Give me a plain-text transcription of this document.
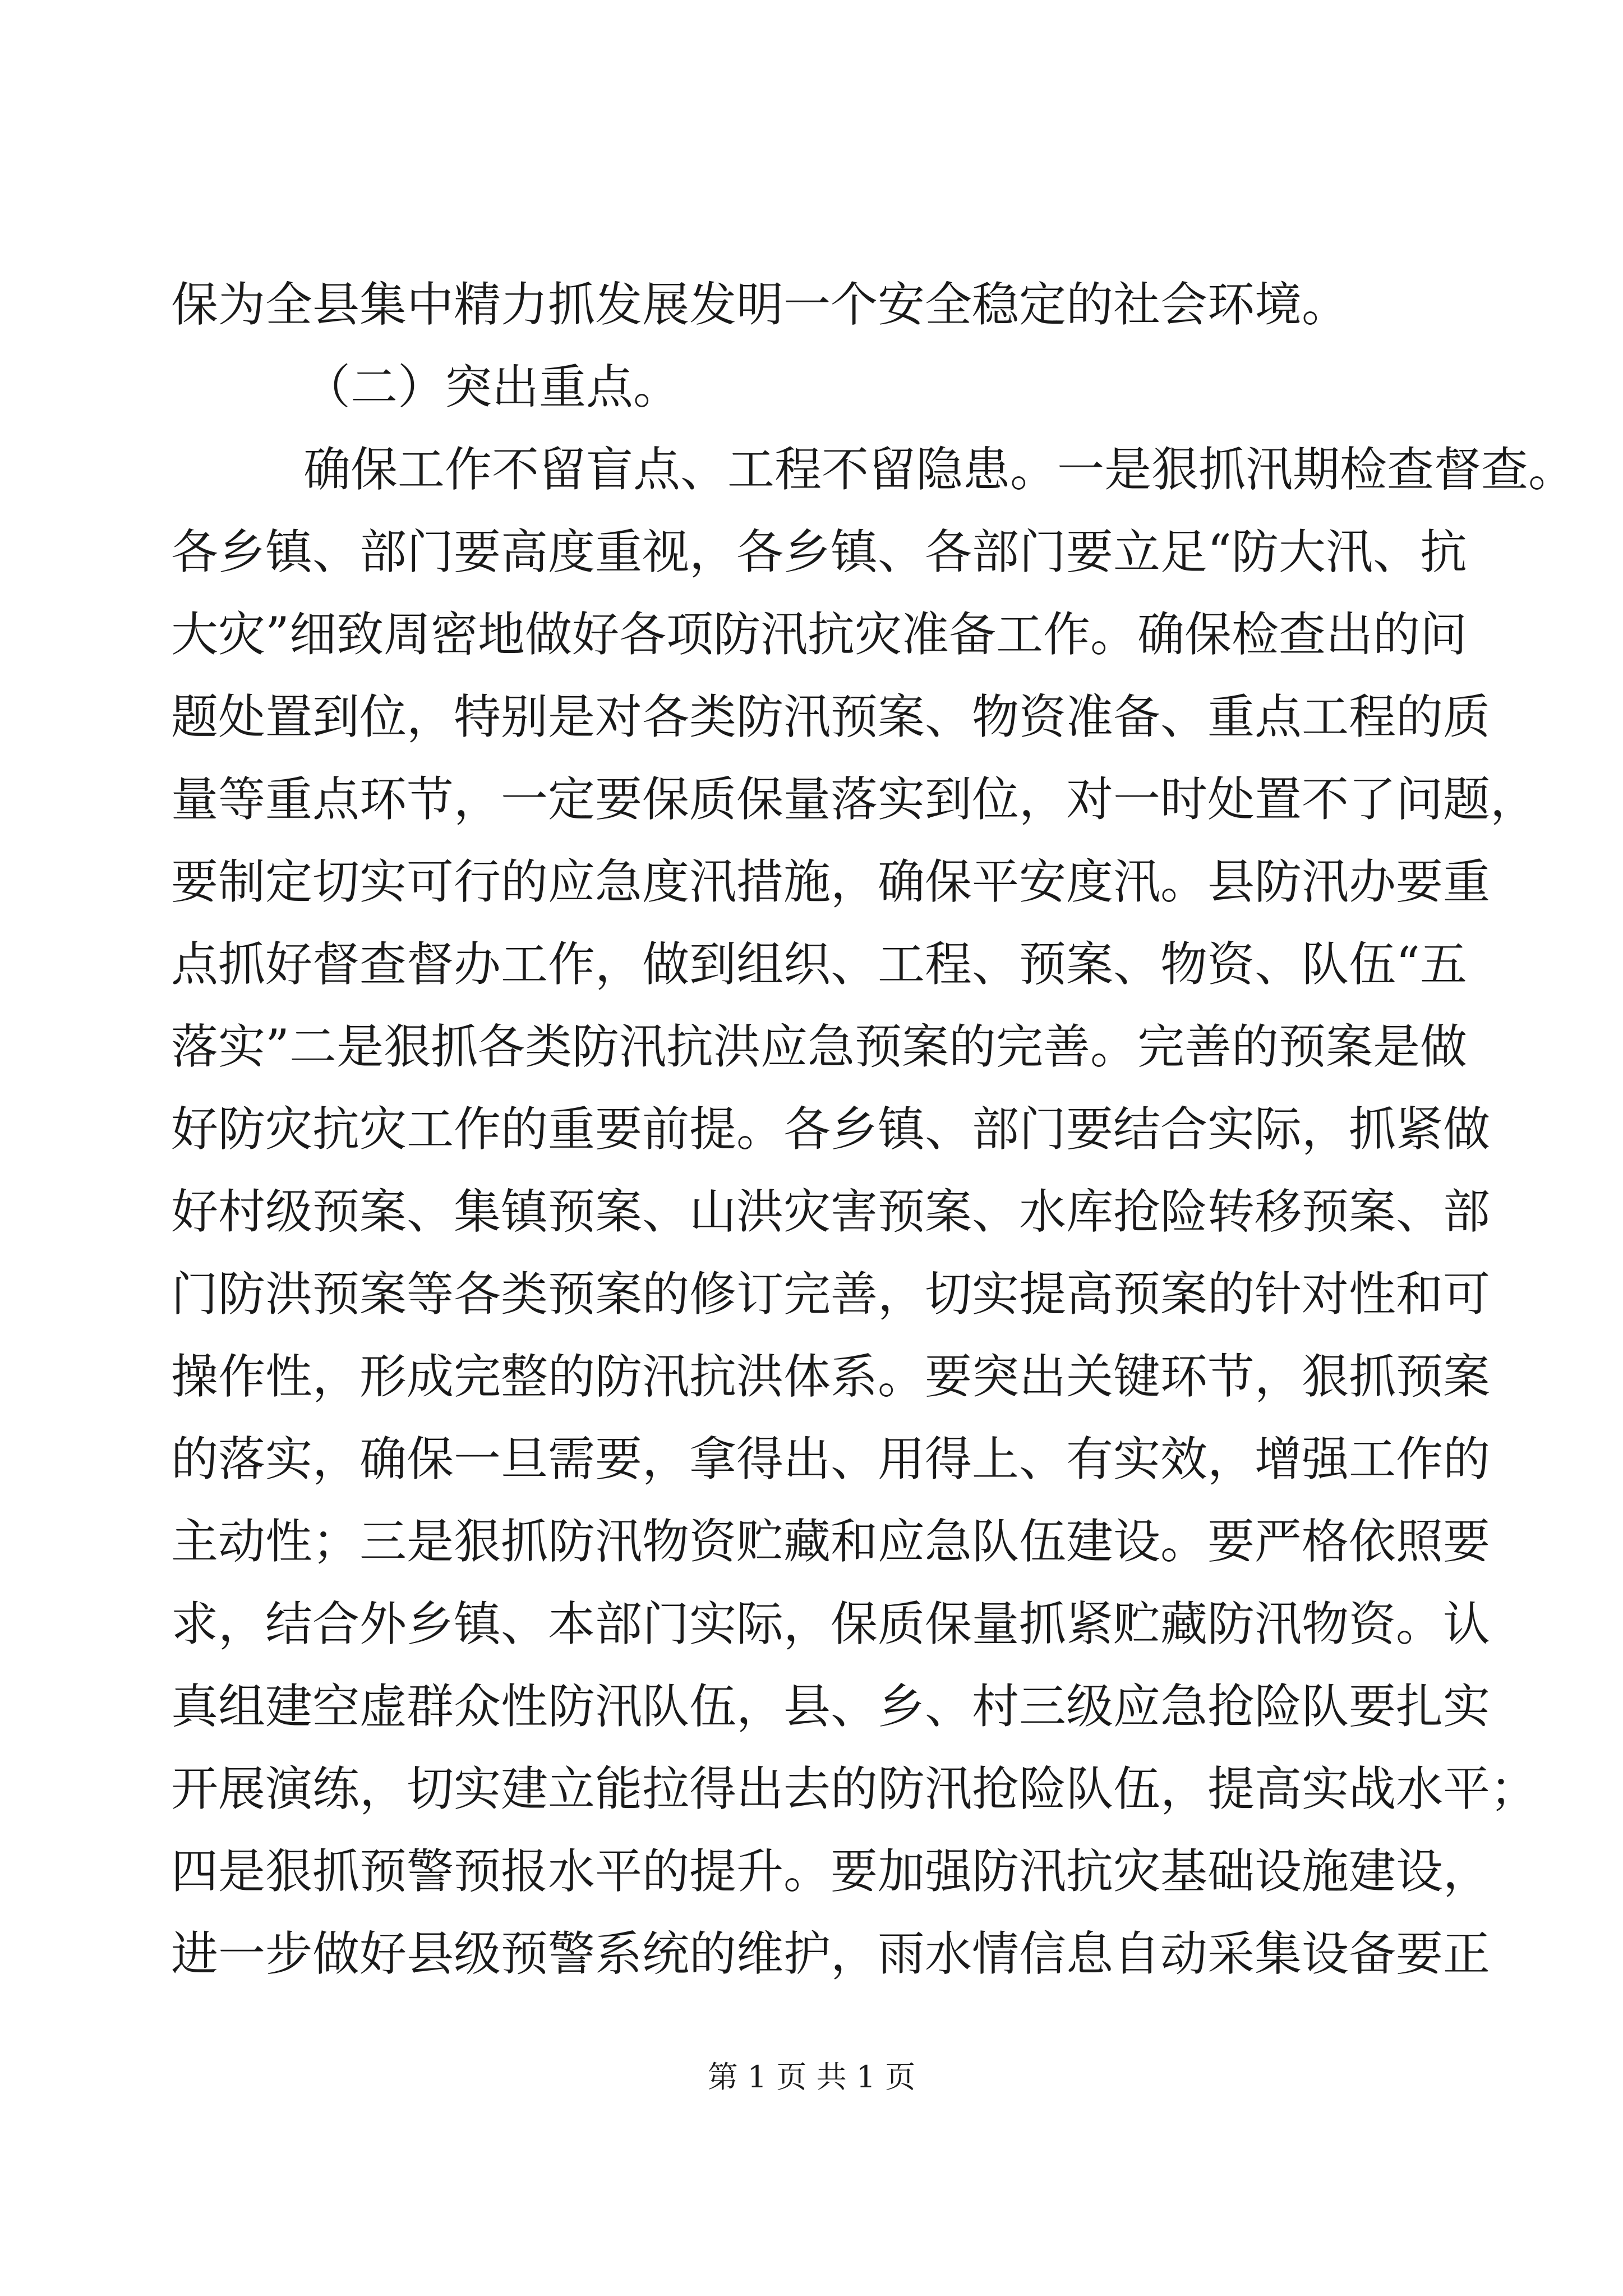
保为全县集中精力抓发展发明一个安全稳定的社会环境。
（二）突出重点。
确保工作不留盲点、工程不留隐患。一是狠抓汛期检查督查。
各乡镇、部门要高度重视，各乡镇、各部门要立足“防大汛、抗
大灾”细致周密地做好各项防汛抗灾准备工作。确保检查出的问
题处置到位，特别是对各类防汛预案、物资准备、重点工程的质
量等重点环节，一定要保质保量落实到位，对一时处置不了问题，
要制定切实可行的应急度汛措施，确保平安度汛。县防汛办要重
点抓好督查督办工作，做到组织、工程、预案、物资、队伍“五
落实”二是狠抓各类防汛抗洪应急预案的完善。完善的预案是做
好防灾抗灾工作的重要前提。各乡镇、部门要结合实际，抓紧做
好村级预案、集镇预案、山洪灾害预案、水库抢险转移预案、部
门防洪预案等各类预案的修订完善，切实提高预案的针对性和可
操作性，形成完整的防汛抗洪体系。要突出关键环节，狠抓预案
的落实，确保一旦需要，拿得出、用得上、有实效，增强工作的
主动性；三是狠抓防汛物资贮藏和应急队伍建设。要严格依照要
求，结合外乡镇、本部门实际，保质保量抓紧贮藏防汛物资。认
真组建空虚群众性防汛队伍，县、乡、村三级应急抢险队要扎实
开展演练，切实建立能拉得出去的防汛抢险队伍，提高实战水平；
四是狠抓预警预报水平的提升。要加强防汛抗灾基础设施建设，
进一步做好县级预警系统的维护，雨水情信息自动采集设备要正
第 1 页 共 1 页
